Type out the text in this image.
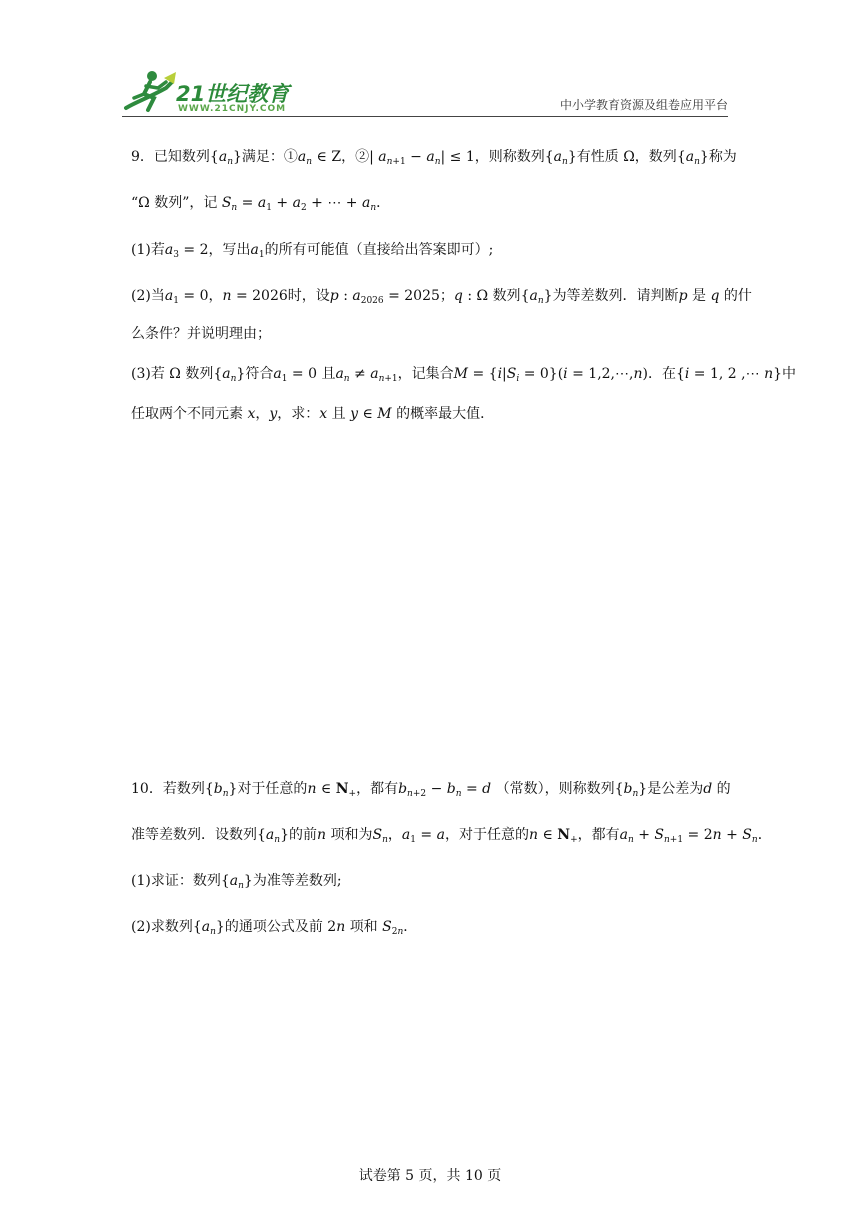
21世纪教育
WWW.21CNJY.COM	中小学教育资源及组卷应用平台
9．已知数列$\{a_n\}$满足：$①a_n$ ∈ Z，②| $a_{n+1} - a_n| \le 1$，则称数列$\{a_n\}$有性质 Ω，数列$\{a_n\}$称为
“Ω 数列”，记 $S_n = a_1 + a_2$ + ⋯ + $a_n$．
(1)若$a_3 = 2$，写出$a_1$的所有可能值（直接给出答案即可）;
(2)当$a_1 = 0$，n = 2026时，设p : $a_{2026} = 2025$；q : Ω 数列$\{a_n\}$为等差数列．请判断p 是 q 的什
么条件？并说明理由；
(3)若 Ω 数列$\{a_n\}$符合$a_1 = 0$ 且$a_n \ne a_{n+1}$，记集合$M = \{i|S_i = 0\}(i$ = 1,2,⋯,n)．在{i = 1, 2 ,⋯ n}中
任取两个不同元素 x，y，求：x 且 y ∈ M 的概率最大值．
10．若数列$\{b_n\}$对于任意的n ∈ $N_+$，都有$b_{n+2} - b_n = d$ （常数），则称数列$\{b_n\}$是公差为d 的
准等差数列．设数列$\{a_n\}$的前n 项和为$S_n$，$a_1 = a$，对于任意的n ∈ $N_+$，都有$a_n + S_{n+1} = 2n + S_n$．
(1)求证：数列$\{a_n\}$为准等差数列;
(2)求数列$\{a_n\}$的通项公式及前 2n 项和 $S_{2n}$．
试卷第 5 页，共 10 页
